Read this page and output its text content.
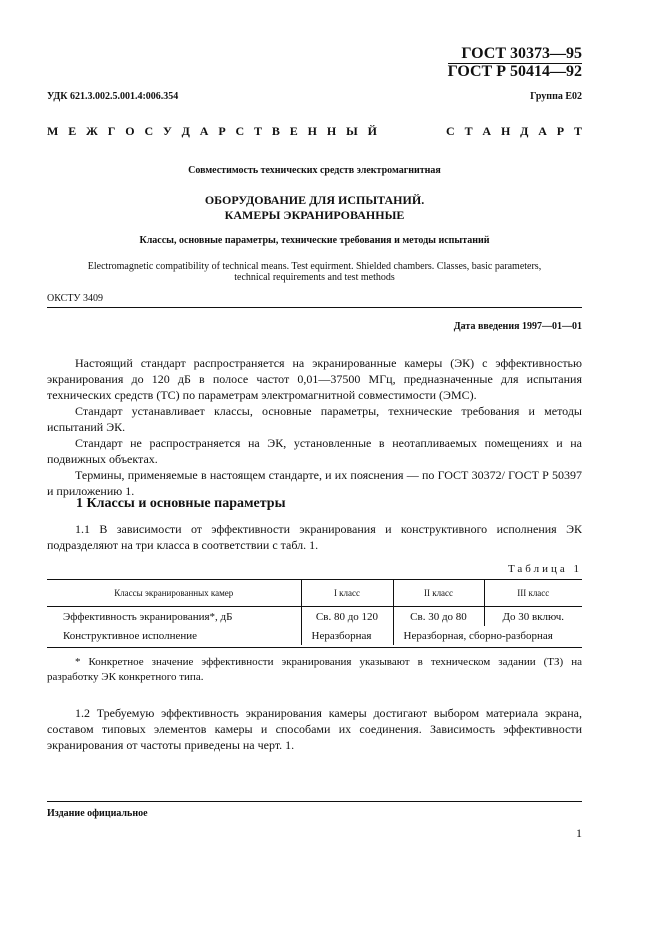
ГОСТ 30373—95
ГОСТ Р 50414—92
УДК 621.3.002.5.001.4:006.354	Группа Е02
М Е Ж Г О С У Д А Р С Т В Е Н Н Ы Й       С Т А Н Д А Р Т
Совместимость технических средств электромагнитная
ОБОРУДОВАНИЕ ДЛЯ ИСПЫТАНИЙ.
КАМЕРЫ ЭКРАНИРОВАННЫЕ
Классы, основные параметры, технические требования и методы испытаний
Electromagnetic compatibility of technical means. Test equirment. Shielded chambers. Classes, basic parameters,
technical requirements and test methods
ОКСТУ 3409
Дата введения 1997—01—01
Настоящий стандарт распространяется на экранированные камеры (ЭК) с эффективностью экранирования до 120 дБ в полосе частот 0,01—37500 МГц, предназначенные для испытания технических средств (ТС) по параметрам электромагнитной совместимости (ЭМС).
Стандарт устанавливает классы, основные параметры, технические требования и методы испытаний ЭК.
Стандарт не распространяется на ЭК, установленные в неотапливаемых помещениях и на подвижных объектах.
Термины, применяемые в настоящем стандарте, и их пояснения — по ГОСТ 30372/ ГОСТ Р 50397 и приложению 1.
1 Классы и основные параметры
1.1 В зависимости от эффективности экранирования и конструктивного исполнения ЭК подразделяют на три класса в соответствии с табл. 1.
Таблица 1
Классы экранированных камер	I класс	II класс	III класс
Эффективность экранирования*, дБ	Св. 80 до 120	Св. 30 до 80	До 30 включ.
Конструктивное исполнение	Неразборная	Неразборная, сборно-разборная	
* Конкретное значение эффективности экранирования указывают в техническом задании (ТЗ) на разработку ЭК конкретного типа.
1.2 Требуемую эффективность экранирования камеры достигают выбором материала экрана, составом типовых элементов камеры и способами их соединения. Зависимость эффективности экранирования от частоты приведены на черт. 1.
Издание официальное
1
